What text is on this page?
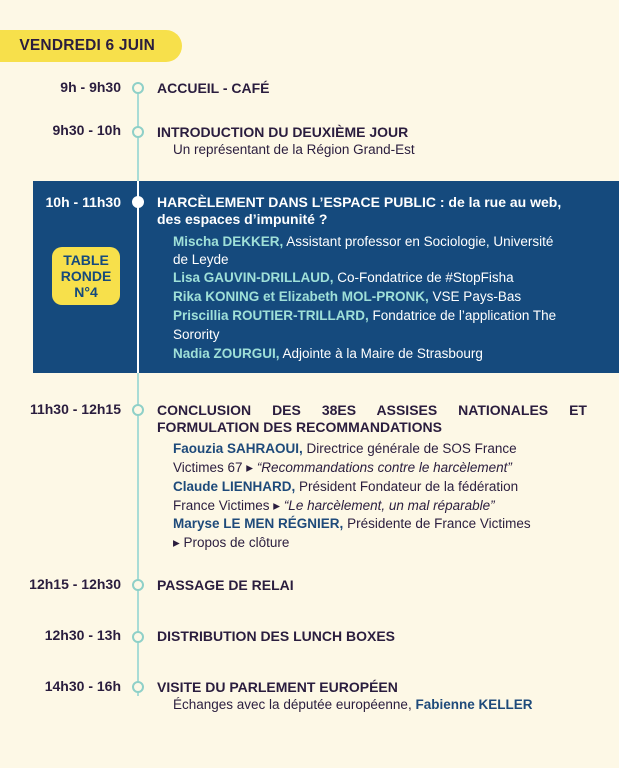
VENDREDI 6 JUIN
TABLE
RONDE
N°4
9h - 9h30	ACCUEIL - CAFÉ
9h30 - 10h	INTRODUCTION DU DEUXIÈME JOUR
Un représentant de la Région Grand-Est
10h - 11h30	HARCÈLEMENT DANS L’ESPACE PUBLIC : de la rue au web, des espaces d’impunité ?
Mischa DEKKER, Assistant professor en Sociologie, Université
de Leyde
Lisa GAUVIN-DRILLAUD, Co-Fondatrice de #StopFisha
Rika KONING et Elizabeth MOL-PRONK, VSE Pays-Bas
Priscillia ROUTIER-TRILLARD, Fondatrice de l’application The
Sorority
Nadia ZOURGUI, Adjointe à la Maire de Strasbourg
11h30 - 12h15	CONCLUSION DES 38ES ASSISES NATIONALES ET FORMULATION DES RECOMMANDATIONS
Faouzia SAHRAOUI, Directrice générale de SOS France
Victimes 67 ▸ “Recommandations contre le harcèlement”
Claude LIENHARD, Président Fondateur de la fédération
France Victimes ▸ “Le harcèlement, un mal réparable”
Maryse LE MEN RÉGNIER, Présidente de France Victimes
▸ Propos de clôture
12h15 - 12h30	PASSAGE DE RELAI
12h30 - 13h	DISTRIBUTION DES LUNCH BOXES
14h30 - 16h	VISITE DU PARLEMENT EUROPÉEN
Échanges avec la députée européenne, Fabienne KELLER
